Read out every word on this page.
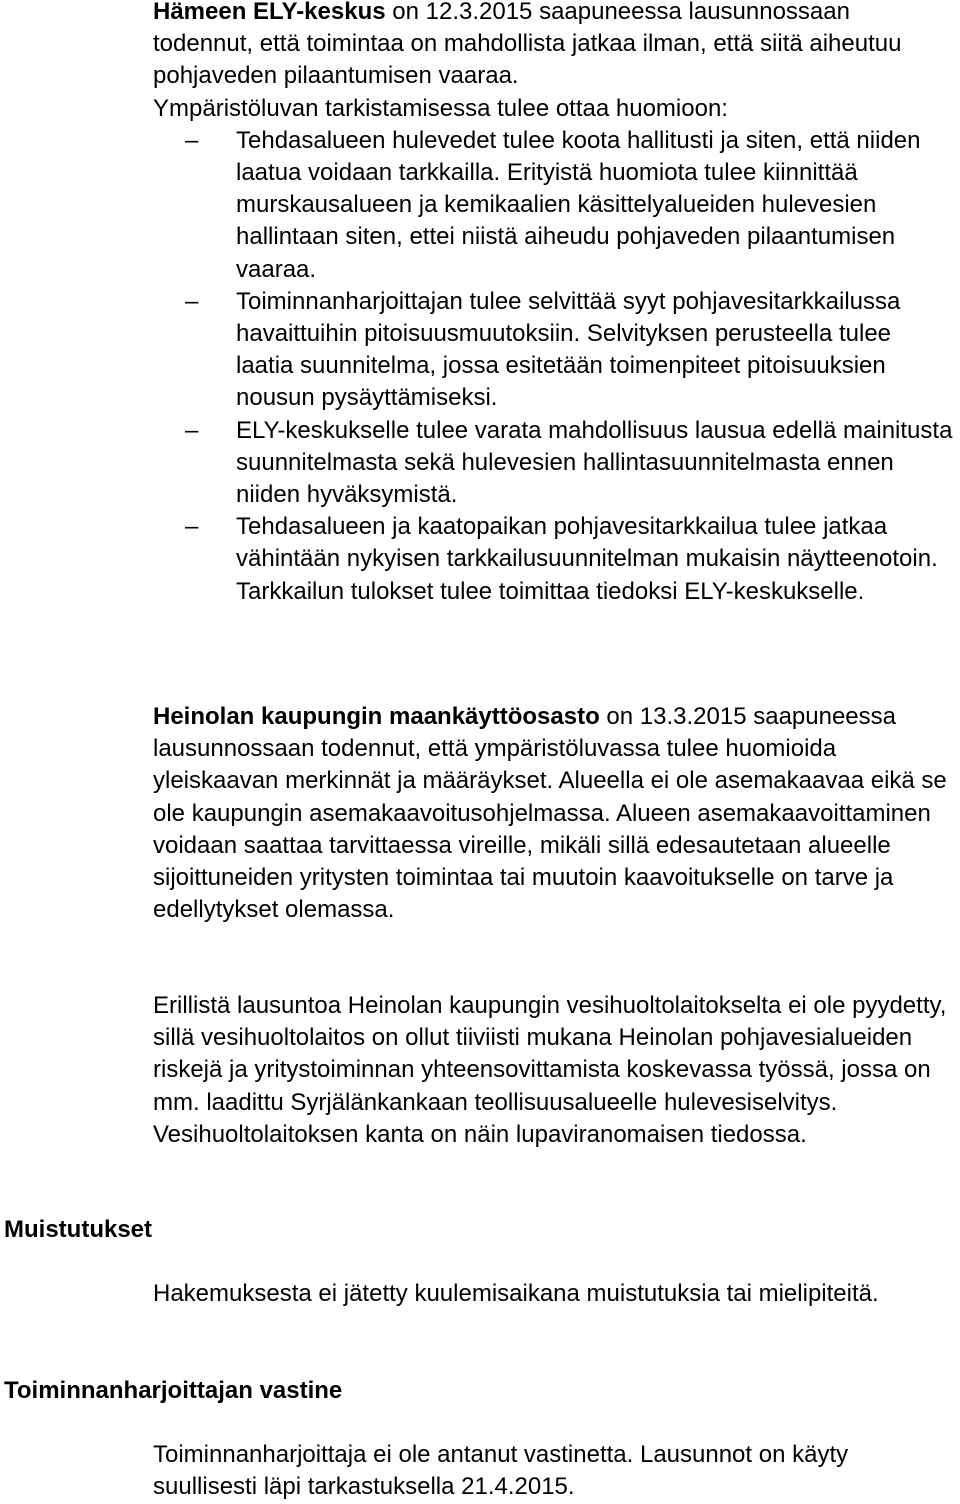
Hämeen ELY-keskus on 12.3.2015 saapuneessa lausunnossaan todennut, että toimintaa on mahdollista jatkaa ilman, että siitä aiheutuu pohjaveden pilaantumisen vaaraa.

Ympäristöluvan tarkistamisessa tulee ottaa huomioon:

– Tehdasalueen hulevedet tulee koota hallitusti ja siten, että niiden laatua voidaan tarkkailla. Erityistä huomiota tulee kiinnittää murskausalueen ja kemikaalien käsittelyalueiden hulevesien hallintaan siten, ettei niistä aiheudu pohjaveden pilaantumisen vaaraa.
– Toiminnanharjoittajan tulee selvittää syyt pohjavesitarkkailussa havaittuihin pitoisuusmuutoksiin. Selvityksen perusteella tulee laatia suunnitelma, jossa esitetään toimenpiteet pitoisuuksien nousun pysäyttämiseksi.
– ELY-keskukselle tulee varata mahdollisuus lausua edellä mainitusta suunnitelmasta sekä hulevesien hallintasuunnitelmasta ennen niiden hyväksymistä.
– Tehdasalueen ja kaatopaikan pohjavesitarkkailua tulee jatkaa vähintään nykyisen tarkkailusuunnitelman mukaisin näytteenotoin. Tarkkailun tulokset tulee toimittaa tiedoksi ELY-keskukselle.

Heinolan kaupungin maankäyttöosasto on 13.3.2015 saapuneessa lausunnossaan todennut, että ympäristöluvassa tulee huomioida yleiskaavan merkinnät ja määräykset. Alueella ei ole asemakaavaa eikä se ole kaupungin asemakaavoitusohjelmassa. Alueen asemakaavoittaminen voidaan saattaa tarvittaessa vireille, mikäli sillä edesautetaan alueelle sijoittuneiden yritysten toimintaa tai muutoin kaavoitukselle on tarve ja edellytykset olemassa.

Erillistä lausuntoa Heinolan kaupungin vesihuoltolaitokselta ei ole pyydetty, sillä vesihuoltolaitos on ollut tiiviisti mukana Heinolan pohjavesialueiden riskejä ja yritystoiminnan yhteensovittamista koskevassa työssä, jossa on mm. laadittu Syrjälänkankaan teollisuusalueelle hulevesiselvitys. Vesihuoltolaitoksen kanta on näin lupaviranomaisen tiedossa.

Muistutukset

Hakemuksesta ei jätetty kuulemisaikana muistutuksia tai mielipiteitä.

Toiminnanharjoittajan vastine

Toiminnanharjoittaja ei ole antanut vastinetta. Lausunnot on käyty suullisesti läpi tarkastuksella 21.4.2015.
